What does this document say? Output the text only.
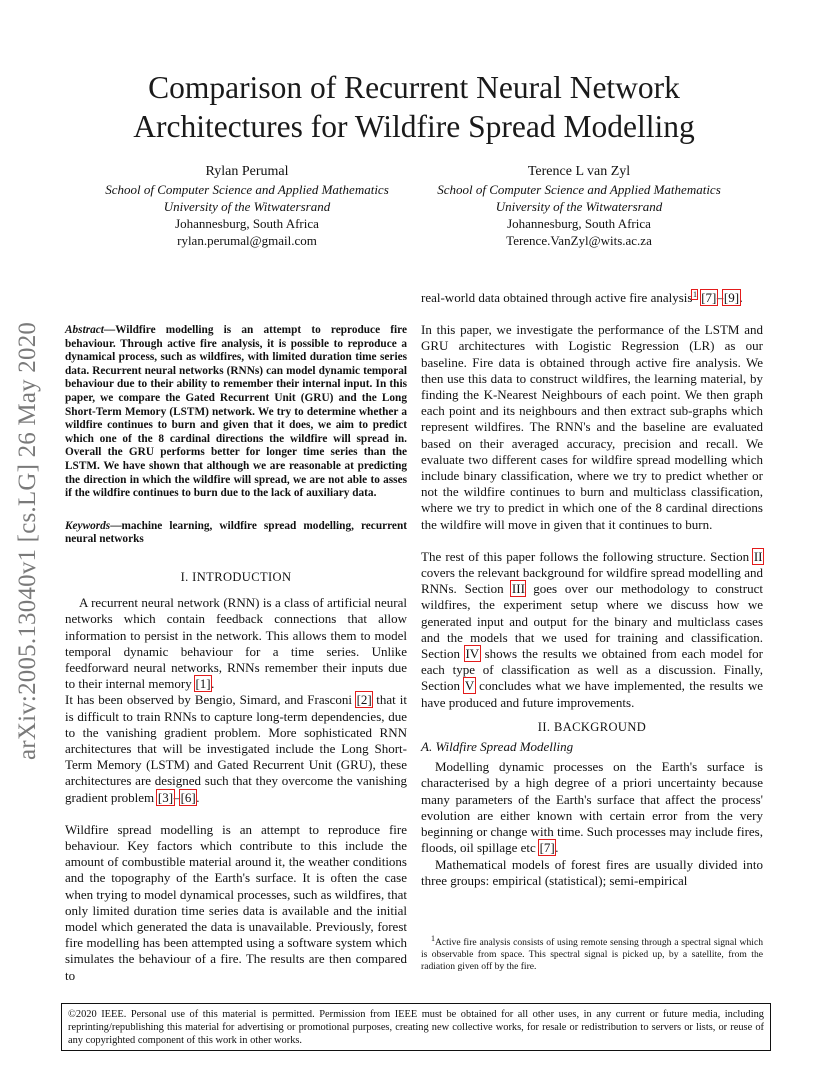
Comparison of Recurrent Neural Network
Architectures for Wildfire Spread Modelling
Rylan Perumal
School of Computer Science and Applied Mathematics
University of the Witwatersrand
Johannesburg, South Africa
rylan.perumal@gmail.com
Terence L van Zyl
School of Computer Science and Applied Mathematics
University of the Witwatersrand
Johannesburg, South Africa
Terence.VanZyl@wits.ac.za
arXiv:2005.13040v1 [cs.LG] 26 May 2020 Abstract—Wildfire modelling is an attempt to reproduce fire behaviour. Through active fire analysis, it is possible to reproduce a dynamical process, such as wildfires, with limited duration time series data. Recurrent neural networks (RNNs) can model dynamic temporal behaviour due to their ability to remember their internal input. In this paper, we compare the Gated Recurrent Unit (GRU) and the Long Short-Term Memory (LSTM) network. We try to determine whether a wildfire continues to burn and given that it does, we aim to predict which one of the 8 cardinal directions the wildfire will spread in. Overall the GRU performs better for longer time series than the LSTM. We have shown that although we are reasonable at predicting the direction in which the wildfire will spread, we are not able to asses if the wildfire continues to burn due to the lack of auxiliary data.
Keywords—machine learning, wildfire spread modelling, recurrent neural networks
I. INTRODUCTION

A recurrent neural network (RNN) is a class of artificial neural networks which contain feedback connections that allow information to persist in the network. This allows them to model temporal dynamic behaviour for a time series. Unlike feedforward neural networks, RNNs remember their inputs due to their internal memory [1].

It has been observed by Bengio, Simard, and Frasconi [2] that it is difficult to train RNNs to capture long-term dependencies, due to the vanishing gradient problem. More sophisticated RNN architectures that will be investigated include the Long Short-Term Memory (LSTM) and Gated Recurrent Unit (GRU), these architectures are designed such that they overcome the vanishing gradient problem [3]–[6].

Wildfire spread modelling is an attempt to reproduce fire behaviour. Key factors which contribute to this include the amount of combustible material around it, the weather conditions and the topography of the Earth's surface. It is often the case when trying to model dynamical processes, such as wildfires, that only limited duration time series data is available and the initial model which generated the data is unavailable. Previously, forest fire modelling has been attempted using a software system which simulates the behaviour of a fire. The results are then compared to

real-world data obtained through active fire analysis$^1$ [7]–[9].

In this paper, we investigate the performance of the LSTM and GRU architectures with Logistic Regression (LR) as our baseline. Fire data is obtained through active fire analysis. We then use this data to construct wildfires, the learning material, by finding the K-Nearest Neighbours of each point. We then graph each point and its neighbours and then extract sub-graphs which represent wildfires. The RNN's and the baseline are evaluated based on their averaged accuracy, precision and recall. We evaluate two different cases for wildfire spread modelling which include binary classification, where we try to predict whether or not the wildfire continues to burn and multiclass classification, where we try to predict in which one of the 8 cardinal directions the wildfire will move in given that it continues to burn.

The rest of this paper follows the following structure. Section II covers the relevant background for wildfire spread modelling and RNNs. Section III goes over our methodology to construct wildfires, the experiment setup where we discuss how we generated input and output for the binary and multiclass cases and the models that we used for training and classification. Section IV shows the results we obtained from each model for each type of classification as well as a discussion. Finally, Section V concludes what we have implemented, the results we have produced and future improvements.

II. BACKGROUND
A. Wildfire Spread Modelling

Modelling dynamic processes on the Earth's surface is characterised by a high degree of a priori uncertainty because many parameters of the Earth's surface that affect the process' evolution are either known with certain error from the very beginning or change with time. Such processes may include fires, floods, oil spillage etc [7].

Mathematical models of forest fires are usually divided into three groups: empirical (statistical); semi-empirical

$^1$Active fire analysis consists of using remote sensing through a spectral signal which is observable from space. This spectral signal is picked up, by a satellite, from the radiation given off by the fire.
©2020 IEEE. Personal use of this material is permitted. Permission from IEEE must be obtained for all other uses, in any current or future media, including reprinting/republishing this material for advertising or promotional purposes, creating new collective works, for resale or redistribution to servers or lists, or reuse of any copyrighted component of this work in other works.
